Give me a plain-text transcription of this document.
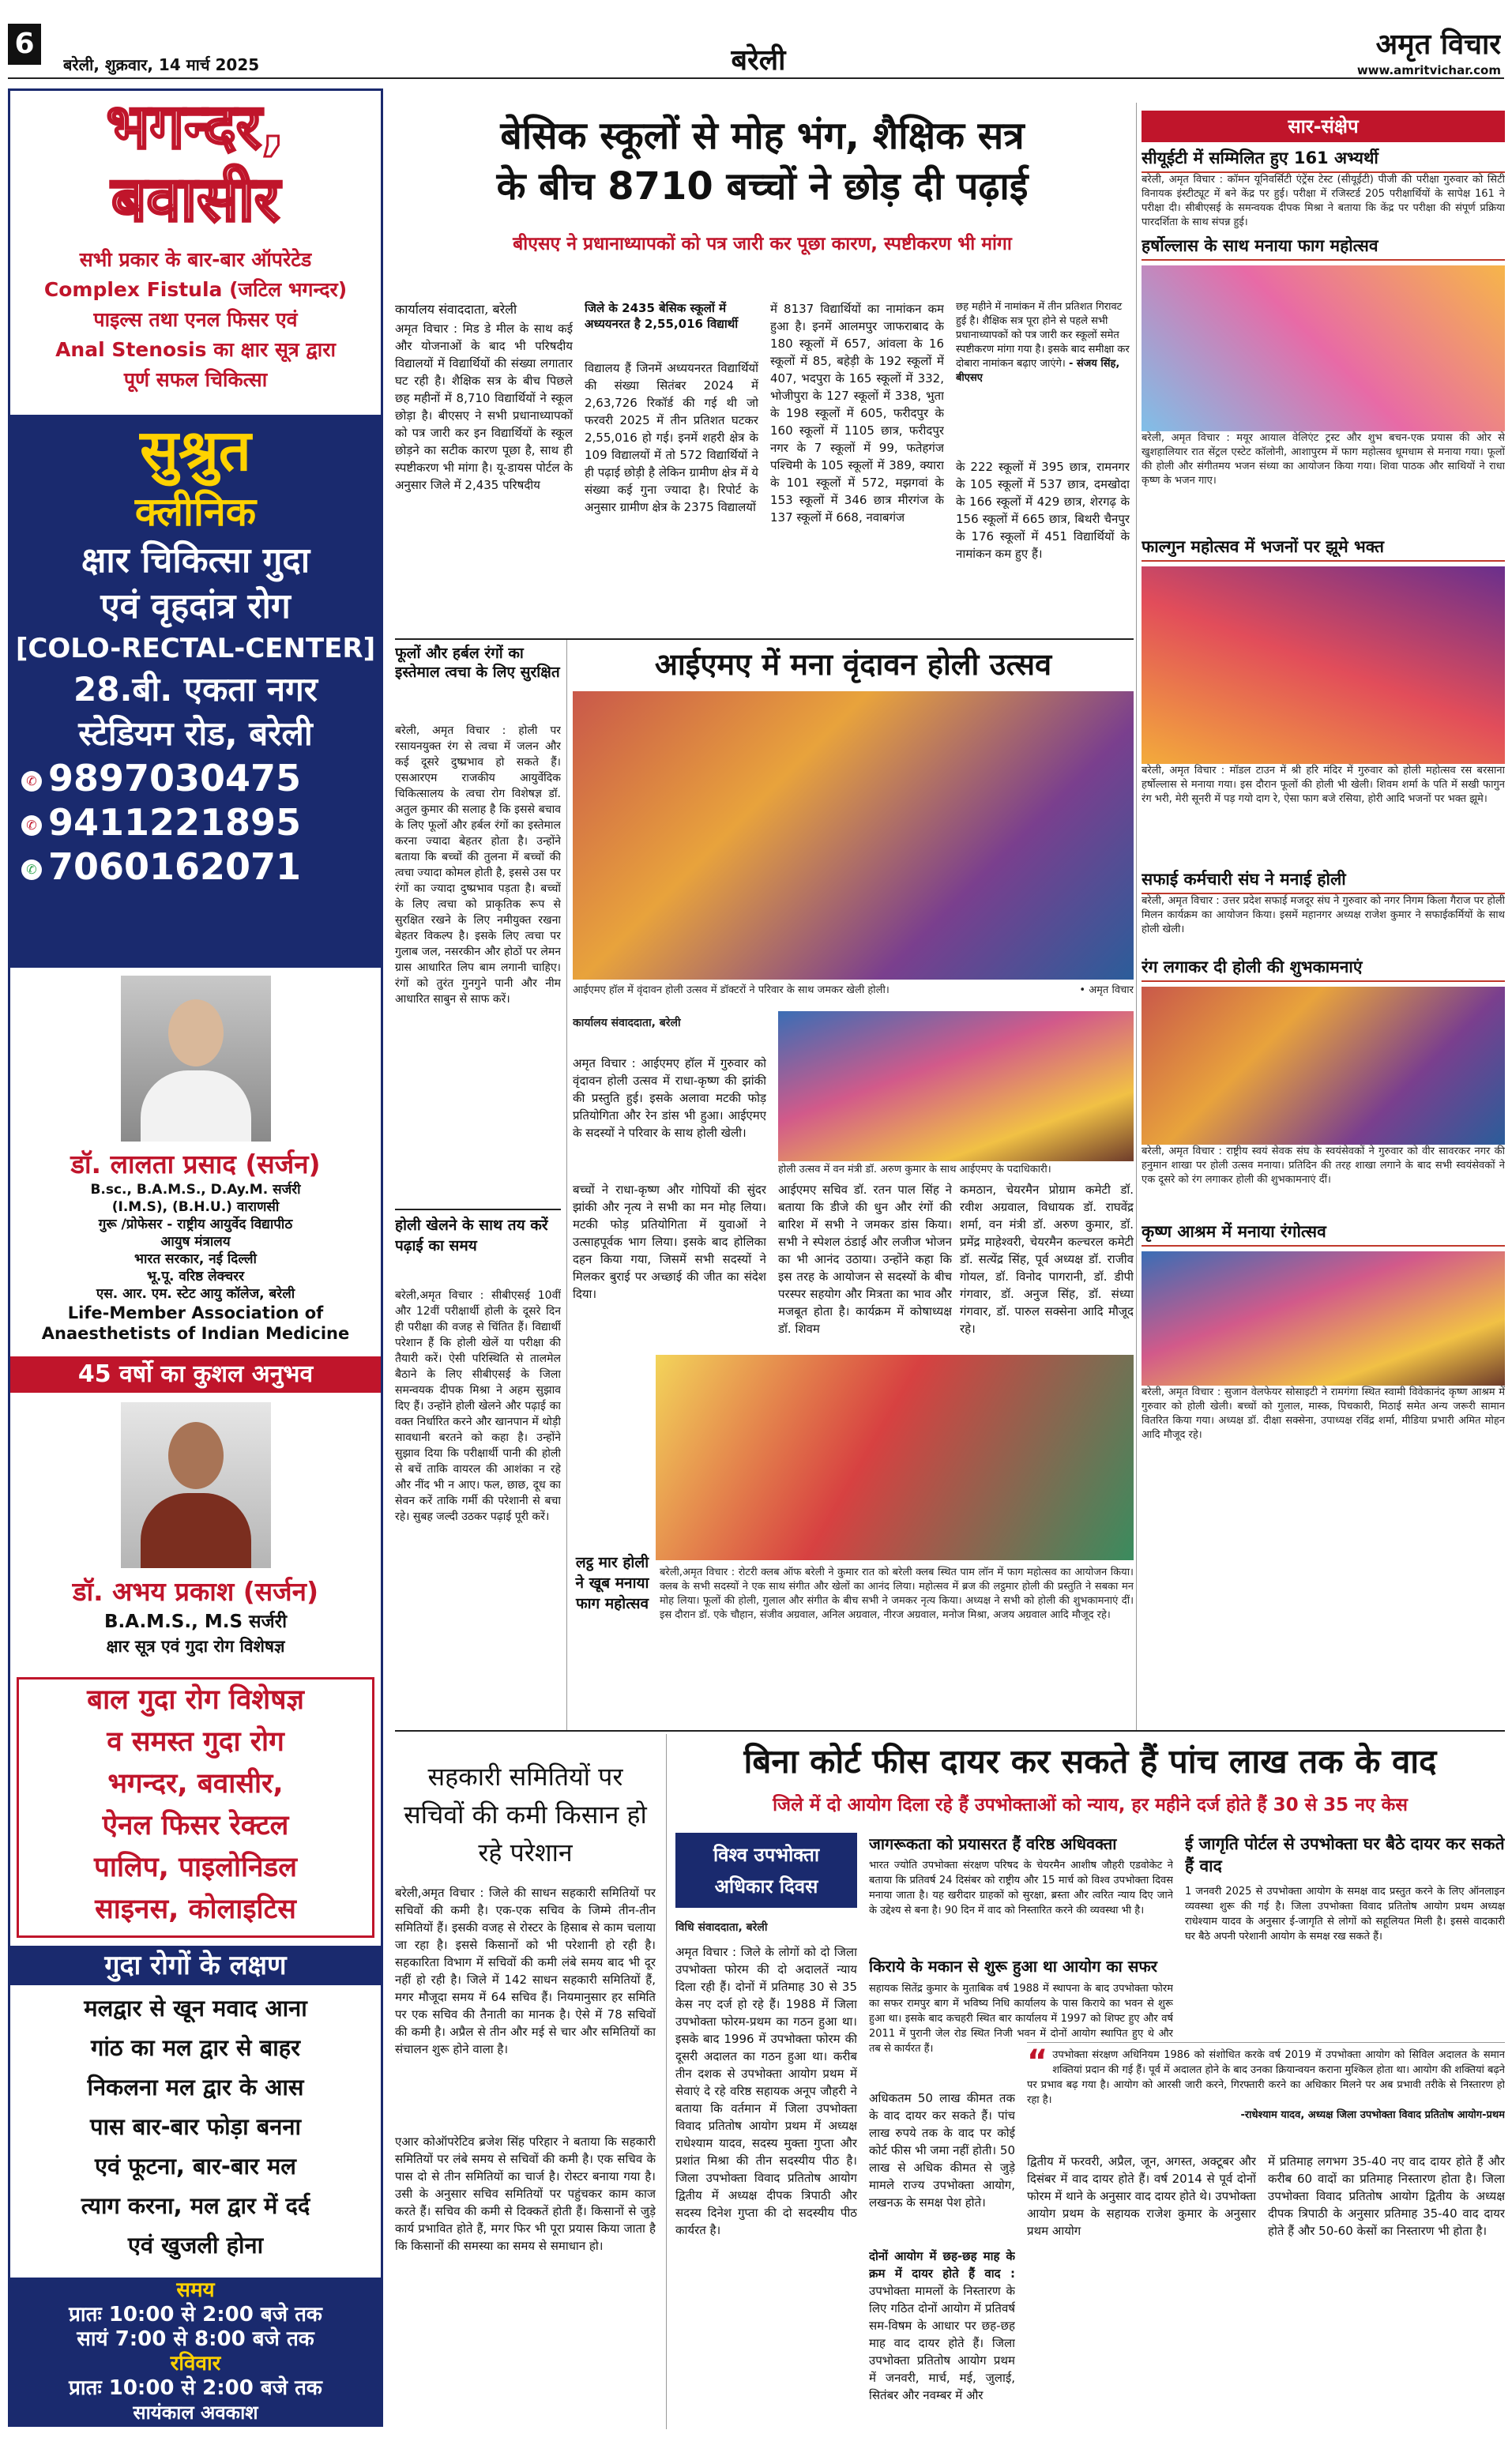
6
बरेली, शुक्रवार, 14 मार्च 2025	बरेली	अमृत विचार
www.amritvichar.com
भगन्दर,
बवासीर
सभी प्रकार के बार-बार ऑपरेटेड
Complex Fistula (जटिल भगन्दर)
पाइल्स तथा एनल फिसर एवं
Anal Stenosis का क्षार सूत्र द्वारा
पूर्ण सफल चिकित्सा
सुश्रुत
क्लीनिक
क्षार चिकित्सा गुदा
एवं वृहदांत्र रोग
[COLO-RECTAL-CENTER]
28.बी. एकता नगर
स्टेडियम रोड, बरेली
✆ 9897030475
✆ 9411221895
✆ 7060162071
डॉ. लालता प्रसाद (सर्जन)
B.sc., B.A.M.S., D.Ay.M. सर्जरी
(I.M.S), (B.H.U.) वाराणसी
गुरू /प्रोफेसर - राष्ट्रीय आयुर्वेद विद्यापीठ
आयुष मंत्रालय
भारत सरकार, नई दिल्ली
भू.पू. वरिष्ठ लेक्चरर
एस. आर. एम. स्टेट आयु कॉलेज, बरेली
Life-Member Association of
Anaesthetists of Indian Medicine
45 वर्षो का कुशल अनुभव
डॉ. अभय प्रकाश (सर्जन)
B.A.M.S., M.S सर्जरी
क्षार सूत्र एवं गुदा रोग विशेषज्ञ
बाल गुदा रोग विशेषज्ञ
व समस्त गुदा रोग
भगन्दर, बवासीर,
ऐनल फिसर रेक्टल
पालिप, पाइलोनिडल
साइनस, कोलाइटिस
गुदा रोगों के लक्षण
मलद्वार से खून मवाद आना
गांठ का मल द्वार से बाहर
निकलना मल द्वार के आस
पास बार-बार फोड़ा बनना
एवं फूटना, बार-बार मल
त्याग करना, मल द्वार में दर्द
एवं खुजली होना
समय
प्रातः 10:00 से 2:00 बजे तक
सायं 7:00 से 8:00 बजे तक
रविवार
प्रातः 10:00 से 2:00 बजे तक
सायंकाल अवकाश
बेसिक स्कूलों से मोह भंग, शैक्षिक सत्र
के बीच 8710 बच्चों ने छोड़ दी पढ़ाई
बीएसए ने प्रधानाध्यापकों को पत्र जारी कर पूछा कारण, स्पष्टीकरण भी मांगा
कार्यालय संवाददाता, बरेली
अमृत विचार : मिड डे मील के साथ कई और योजनाओं के बाद भी परिषदीय विद्यालयों में विद्यार्थियों की संख्या लगातार घट रही है। शैक्षिक सत्र के बीच पिछले छह महीनों में 8,710 विद्यार्थियों ने स्कूल छोड़ा है। बीएसए ने सभी प्रधानाध्यापकों को पत्र जारी कर इन विद्यार्थियों के स्कूल छोड़ने का सटीक कारण पूछा है, साथ ही स्पष्टीकरण भी मांगा है। यू-डायस पोर्टल के अनुसार जिले में 2,435 परिषदीय
जिले के 2435 बेसिक स्कूलों में अध्ययनरत है 2,55,016 विद्यार्थी
विद्यालय हैं जिनमें अध्ययनरत विद्यार्थियों की संख्या सितंबर 2024 में 2,63,726 रिकॉर्ड की गई थी जो फरवरी 2025 में तीन प्रतिशत घटकर 2,55,016 हो गई। इनमें शहरी क्षेत्र के 109 विद्यालयों में तो 572 विद्यार्थियों ने ही पढ़ाई छोड़ी है लेकिन ग्रामीण क्षेत्र में ये संख्या कई गुना ज्यादा है। रिपोर्ट के अनुसार ग्रामीण क्षेत्र के 2375 विद्यालयों
में 8137 विद्यार्थियों का नामांकन कम हुआ है। इनमें आलमपुर जाफराबाद के 180 स्कूलों में 657, आंवला के 16 स्कूलों में 85, बहेड़ी के 192 स्कूलों में 407, भदपुरा के 165 स्कूलों में 332, भोजीपुरा के 127 स्कूलों में 338, भुता के 198 स्कूलों में 605, फरीदपुर के 160 स्कूलों में 1105 छात्र, फरीदपुर नगर के 7 स्कूलों में 99, फतेहगंज पश्चिमी के 105 स्कूलों में 389, क्यारा के 101 स्कूलों में 572, मझगवां के 153 स्कूलों में 346 छात्र मीरगंज के 137 स्कूलों में 668, नवाबगंज
छह महीने में नामांकन में तीन प्रतिशत गिरावट हुई है। शैक्षिक सत्र पूरा होने से पहले सभी प्रधानाध्यापकों को पत्र जारी कर स्कूलों समेत स्पष्टीकरण मांगा गया है। इसके बाद समीक्षा कर दोबारा नामांकन बढ़ाए जाएंगे। - संजय सिंह, बीएसए
के 222 स्कूलों में 395 छात्र, रामनगर के 105 स्कूलों में 537 छात्र, दमखोदा के 166 स्कूलों में 429 छात्र, शेरगढ़ के 156 स्कूलों में 665 छात्र, बिथरी चैनपुर के 176 स्कूलों में 451 विद्यार्थियों के नामांकन कम हुए हैं।
फूलों और हर्बल रंगों का इस्तेमाल त्वचा के लिए सुरक्षित
बरेली, अमृत विचार : होली पर रसायनयुक्त रंग से त्वचा में जलन और कई दूसरे दुष्प्रभाव हो सकते हैं। एसआरएम राजकीय आयुर्वेदिक चिकित्सालय के त्वचा रोग विशेषज्ञ डॉ. अतुल कुमार की सलाह है कि इससे बचाव के लिए फूलों और हर्बल रंगों का इस्तेमाल करना ज्यादा बेहतर होता है। उन्होंने बताया कि बच्चों की तुलना में बच्चों की त्वचा ज्यादा कोमल होती है, इससे उस पर रंगों का ज्यादा दुष्प्रभाव पड़ता है। बच्चों के लिए त्वचा को प्राकृतिक रूप से सुरक्षित रखने के लिए नमीयुक्त रखना बेहतर विकल्प है। इसके लिए त्वचा पर गुलाब जल, नसरकीन और होठों पर लेमन ग्रास आधारित लिप बाम लगानी चाहिए। रंगों को तुरंत गुनगुने पानी और नीम आधारित साबुन से साफ करें।
होली खेलने के साथ तय करें पढ़ाई का समय
बरेली,अमृत विचार : सीबीएसई 10वीं और 12वीं परीक्षार्थी होली के दूसरे दिन ही परीक्षा की वजह से चिंतित हैं। विद्यार्थी परेशान हैं कि होली खेलें या परीक्षा की तैयारी करें। ऐसी परिस्थिति से तालमेल बैठाने के लिए सीबीएसई के जिला समन्वयक दीपक मिश्रा ने अहम सुझाव दिए हैं। उन्होंने होली खेलने और पढ़ाई का वक्त निर्धारित करने और खानपान में थोड़ी सावधानी बरतने को कहा है। उन्होंने सुझाव दिया कि परीक्षार्थी पानी की होली से बचें ताकि वायरल की आशंका न रहे और नींद भी न आए। फल, छाछ, दूध का सेवन करें ताकि गर्मी की परेशानी से बचा रहे। सुबह जल्दी उठकर पढ़ाई पूरी करें।
आईएमए में मना वृंदावन होली उत्सव
आईएमए हॉल में वृंदावन होली उत्सव में डॉक्टरों ने परिवार के साथ जमकर खेली होली।	• अमृत विचार
कार्यालय संवाददाता, बरेली
अमृत विचार : आईएमए हॉल में गुरुवार को वृंदावन होली उत्सव में राधा-कृष्ण की झांकी की प्रस्तुति हुई। इसके अलावा मटकी फोड़ प्रतियोगिता और रेन डांस भी हुआ। आईएमए के सदस्यों ने परिवार के साथ होली खेली।
होली उत्सव में वन मंत्री डॉ. अरुण कुमार के साथ आईएमए के पदाधिकारी।
बच्चों ने राधा-कृष्ण और गोपियों की सुंदर झांकी और नृत्य ने सभी का मन मोह लिया। मटकी फोड़ प्रतियोगिता में युवाओं ने उत्साहपूर्वक भाग लिया। इसके बाद होलिका दहन किया गया, जिसमें सभी सदस्यों ने मिलकर बुराई पर अच्छाई की जीत का संदेश दिया।
आईएमए सचिव डॉ. रतन पाल सिंह ने बताया कि डीजे की धुन और रंगों की बारिश में सभी ने जमकर डांस किया। सभी ने स्पेशल ठंडाई और लजीज भोजन का भी आनंद उठाया। उन्होंने कहा कि इस तरह के आयोजन से सदस्यों के बीच परस्पर सहयोग और मित्रता का भाव और मजबूत होता है। कार्यक्रम में कोषाध्यक्ष डॉ. शिवम
कमठान, चेयरमैन प्रोग्राम कमेटी डॉ. रवीश अग्रवाल, विधायक डॉ. राघवेंद्र शर्मा, वन मंत्री डॉ. अरुण कुमार, डॉ. प्रमेंद्र माहेश्वरी, चेयरमैन कल्चरल कमेटी डॉ. सत्येंद्र सिंह, पूर्व अध्यक्ष डॉ. राजीव गोयल, डॉ. विनोद पागरानी, डॉ. डीपी गंगवार, डॉ. अनुज सिंह, डॉ. संध्या गंगवार, डॉ. पारुल सक्सेना आदि मौजूद रहे।
लट्ठ मार होली ने खूब मनाया फाग महोत्सव
बरेली,अमृत विचार : रोटरी क्लब ऑफ बरेली ने कुमार रात को बरेली क्लब स्थित पाम लॉन में फाग महोत्सव का आयोजन किया। क्लब के सभी सदस्यों ने एक साथ संगीत और खेलों का आनंद लिया। महोत्सव में ब्रज की लट्ठमार होली की प्रस्तुति ने सबका मन मोह लिया। फूलों की होली, गुलाल और संगीत के बीच सभी ने जमकर नृत्य किया। अध्यक्ष ने सभी को होली की शुभकामनाएं दीं। इस दौरान डॉ. एके चौहान, संजीव अग्रवाल, अनिल अग्रवाल, नीरज अग्रवाल, मनोज मिश्रा, अजय अग्रवाल आदि मौजूद रहे।
सहकारी समितियों पर सचिवों की कमी किसान हो रहे परेशान
बरेली,अमृत विचार : जिले की साधन सहकारी समितियों पर सचिवों की कमी है। एक-एक सचिव के जिम्मे तीन-तीन समितियों हैं। इसकी वजह से रोस्टर के हिसाब से काम चलाया जा रहा है। इससे किसानों को भी परेशानी हो रही है। सहकारिता विभाग में सचिवों की कमी लंबे समय बाद भी दूर नहीं हो रही है। जिले में 142 साधन सहकारी समितियों हैं, मगर मौजूदा समय में 64 सचिव हैं। नियमानुसार हर समिति पर एक सचिव की तैनाती का मानक है। ऐसे में 78 सचिवों की कमी है। अप्रैल से तीन और मई से चार और समितियों का संचालन शुरू होने वाला है।
एआर कोऑपरेटिव ब्रजेश सिंह परिहार ने बताया कि सहकारी समितियों पर लंबे समय से सचिवों की कमी है। एक सचिव के पास दो से तीन समितियों का चार्ज है। रोस्टर बनाया गया है। उसी के अनुसार सचिव समितियों पर पहुंचकर काम काज करते हैं। सचिव की कमी से दिक्कतें होती हैं। किसानों से जुड़े कार्य प्रभावित होते हैं, मगर फिर भी पूरा प्रयास किया जाता है कि किसानों की समस्या का समय से समाधान हो।
बिना कोर्ट फीस दायर कर सकते हैं पांच लाख तक के वाद
जिले में दो आयोग दिला रहे हैं उपभोक्ताओं को न्याय, हर महीने दर्ज होते हैं 30 से 35 नए केस
विश्व उपभोक्ता
अधिकार दिवस
विधि संवाददाता, बरेली
अमृत विचार : जिले के लोगों को दो जिला उपभोक्ता फोरम की दो अदालतें न्याय दिला रही हैं। दोनों में प्रतिमाह 30 से 35 केस नए दर्ज हो रहे हैं। 1988 में जिला उपभोक्ता फोरम-प्रथम का गठन हुआ था। इसके बाद 1996 में उपभोक्ता फोरम की दूसरी अदालत का गठन हुआ था। करीब तीन दशक से उपभोक्ता आयोग प्रथम में सेवाएं दे रहे वरिष्ठ सहायक अनूप जौहरी ने बताया कि वर्तमान में जिला उपभोक्ता विवाद प्रतितोष आयोग प्रथम में अध्यक्ष राधेश्याम यादव, सदस्य मुक्ता गुप्ता और प्रशांत मिश्रा की तीन सदस्यीय पीठ है। जिला उपभोक्ता विवाद प्रतितोष आयोग द्वितीय में अध्यक्ष दीपक त्रिपाठी और सदस्य दिनेश गुप्ता की दो सदस्यीय पीठ कार्यरत है।
जागरूकता को प्रयासरत हैं वरिष्ठ अधिवक्ता
भारत ज्योति उपभोक्ता संरक्षण परिषद के चेयरमैन आशीष जौहरी एडवोकेट ने बताया कि प्रतिवर्ष 24 दिसंबर को राष्ट्रीय और 15 मार्च को विश्व उपभोक्ता दिवस मनाया जाता है। यह खरीदार ग्राहकों को सुरक्षा, ब्रस्ता और त्वरित न्याय दिए जाने के उद्देश्य से बना है। 90 दिन में वाद को निस्तारित करने की व्यवस्था भी है।
किराये के मकान से शुरू हुआ था आयोग का सफर
सहायक सितेंद्र कुमार के मुताबिक वर्ष 1988 में स्थापना के बाद उपभोक्ता फोरम का सफर रामपुर बाग में भविष्य निधि कार्यालय के पास किराये का भवन से शुरू हुआ था। इसके बाद कचहरी स्थित बार कार्यालय में 1997 को शिफ्ट हुए और वर्ष 2011 में पुरानी जेल रोड स्थित निजी भवन में दोनों आयोग स्थापित हुए थे और तब से कार्यरत हैं।
अधिकतम 50 लाख कीमत तक के वाद दायर कर सकते हैं। पांच लाख रुपये तक के वाद पर कोई कोर्ट फीस भी जमा नहीं होती। 50 लाख से अधिक कीमत से जुड़े मामले राज्य उपभोक्ता आयोग, लखनऊ के समक्ष पेश होते।
दोनों आयोग में छह-छह माह के क्रम में दायर होते हैं वाद : उपभोक्ता मामलों के निस्तारण के लिए गठित दोनों आयोग में प्रतिवर्ष सम-विषम के आधार पर छह-छह माह वाद दायर होते हैं। जिला उपभोक्ता प्रतितोष आयोग प्रथम में जनवरी, मार्च, मई, जुलाई, सितंबर और नवम्बर में और
ई जागृति पोर्टल से उपभोक्ता घर बैठे दायर कर सकते हैं वाद
1 जनवरी 2025 से उपभोक्ता आयोग के समक्ष वाद प्रस्तुत करने के लिए ऑनलाइन व्यवस्था शुरू की गई है। जिला उपभोक्ता विवाद प्रतितोष आयोग प्रथम अध्यक्ष राधेश्याम यादव के अनुसार ई-जागृति से लोगों को सहूलियत मिली है। इससे वादकारी घर बैठे अपनी परेशानी आयोग के समक्ष रख सकते हैं।
“ उपभोक्ता संरक्षण अधिनियम 1986 को संशोधित करके वर्ष 2019 में उपभोक्ता आयोग को सिविल अदालत के समान शक्तियां प्रदान की गई हैं। पूर्व में अदालत होने के बाद उनका क्रियान्वयन कराना मुश्किल होता था। आयोग की शक्तियां बढ़ने पर प्रभाव बढ़ गया है। आयोग को आरसी जारी करने, गिरफ्तारी करने का अधिकार मिलने पर अब प्रभावी तरीके से निस्तारण हो रहा है।
-राधेश्याम यादव, अध्यक्ष जिला उपभोक्ता विवाद प्रतितोष आयोग-प्रथम
द्वितीय में फरवरी, अप्रैल, जून, अगस्त, अक्टूबर और दिसंबर में वाद दायर होते हैं। वर्ष 2014 से पूर्व दोनों फोरम में थाने के अनुसार वाद दायर होते थे। उपभोक्ता आयोग प्रथम के सहायक राजेश कुमार के अनुसार प्रथम आयोग
में प्रतिमाह लगभग 35-40 नए वाद दायर होते हैं और करीब 60 वादों का प्रतिमाह निस्तारण होता है। जिला उपभोक्ता विवाद प्रतितोष आयोग द्वितीय के अध्यक्ष दीपक त्रिपाठी के अनुसार प्रतिमाह 35-40 वाद दायर होते हैं और 50-60 केसों का निस्तारण भी होता है।
सार-संक्षेप
सीयूईटी में सम्मिलित हुए 161 अभ्यर्थी
बरेली, अमृत विचार : कॉमन यूनिवर्सिटी एंट्रेंस टेस्ट (सीयूईटी) पीजी की परीक्षा गुरुवार को सिटी विनायक इंस्टीट्यूट में बने केंद्र पर हुई। परीक्षा में रजिस्टर्ड 205 परीक्षार्थियों के सापेक्ष 161 ने परीक्षा दी। सीबीएसई के समन्वयक दीपक मिश्रा ने बताया कि केंद्र पर परीक्षा की संपूर्ण प्रक्रिया पारदर्शिता के साथ संपन्न हुई।
हर्षोल्लास के साथ मनाया फाग महोत्सव
बरेली, अमृत विचार : मयूर आयाल वेलिएंट ट्रस्ट और शुभ बचन-एक प्रयास की ओर से खुशहालियार रात सेंट्रल एस्टेट कॉलोनी, आशापुरम में फाग महोत्सव धूमधाम से मनाया गया। फूलों की होली और संगीतमय भजन संध्या का आयोजन किया गया। शिवा पाठक और साथियों ने राधा कृष्ण के भजन गाए।
फाल्गुन महोत्सव में भजनों पर झूमे भक्त
बरेली, अमृत विचार : मॉडल टाउन में श्री हरि मंदिर में गुरुवार को होली महोत्सव रस बरसाना हर्षोल्लास से मनाया गया। इस दौरान फूलों की होली भी खेली। शिवम शर्मा के पति में सखी फागुन रंग भरी, मेरी सूनरी में पड़ गयो दाग रे, ऐसा फाग बजे रसिया, होरी आदि भजनों पर भक्त झूमे।
सफाई कर्मचारी संघ ने मनाई होली
बरेली, अमृत विचार : उत्तर प्रदेश सफाई मजदूर संघ ने गुरुवार को नगर निगम किला गैराज पर होली मिलन कार्यक्रम का आयोजन किया। इसमें महानगर अध्यक्ष राजेश कुमार ने सफाईकर्मियों के साथ होली खेली।
रंग लगाकर दी होली की शुभकामनाएं
बरेली, अमृत विचार : राष्ट्रीय स्वयं सेवक संघ के स्वयंसेवकों ने गुरुवार को वीर सावरकर नगर की हनुमान शाखा पर होली उत्सव मनाया। प्रतिदिन की तरह शाखा लगाने के बाद सभी स्वयंसेवकों ने एक दूसरे को रंग लगाकर होली की शुभकामनाएं दीं।
कृष्ण आश्रम में मनाया रंगोत्सव
बरेली, अमृत विचार : सुजान वेलफेयर सोसाइटी ने रामगंगा स्थित स्वामी विवेकानंद कृष्ण आश्रम में गुरुवार को होली खेली। बच्चों को गुलाल, मास्क, पिचकारी, मिठाई समेत अन्य जरूरी सामान वितरित किया गया। अध्यक्ष डॉ. दीक्षा सक्सेना, उपाध्यक्ष रविंद्र शर्मा, मीडिया प्रभारी अमित मोहन आदि मौजूद रहे।
